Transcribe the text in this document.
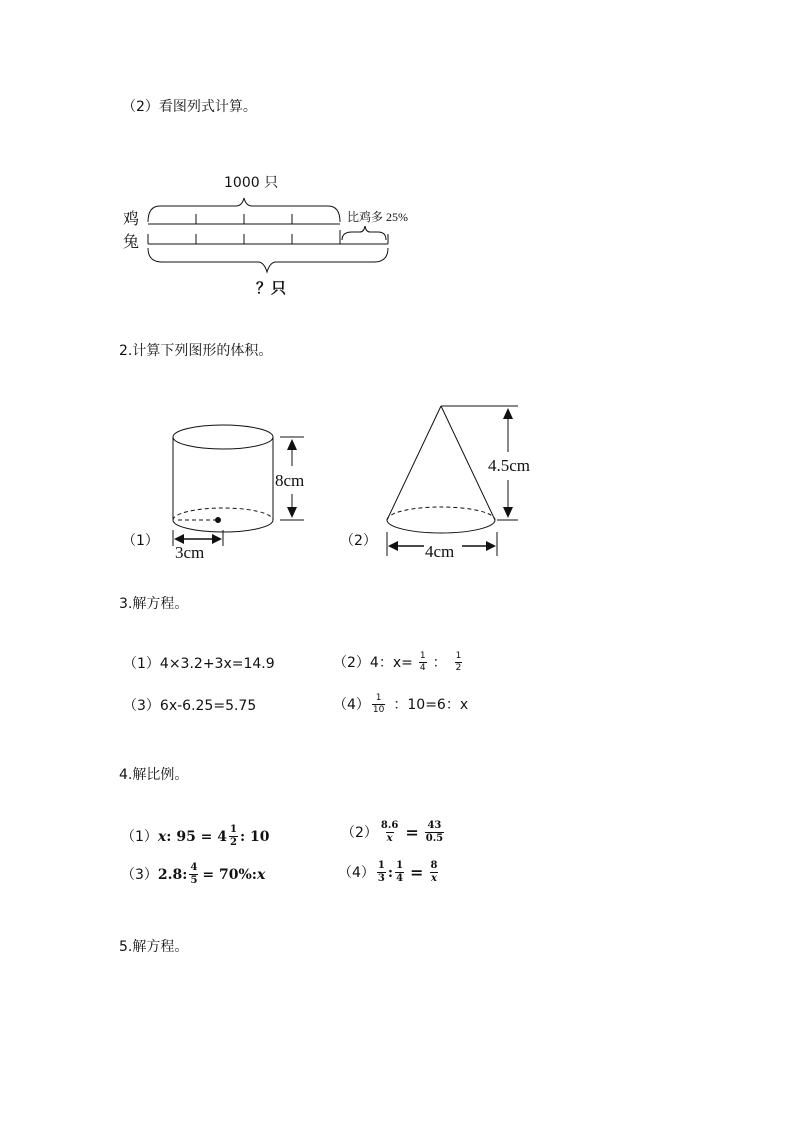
（2）看图列式计算。
1000 只
鸡
兔
比鸡多 25%
？只
2.计算下列图形的体积。
8cm
3cm
（1）
4.5cm
4cm
（2）
3.解方程。
（1）4×3.2+3x=14.9	（2） 4：$x= \frac{1}{4}$ ： $\frac{1}{2}$
（3）6x-6.25=5.75	$(4) \frac{1}{10}$ ：10=6：x
4.解比例。
（1） x : $95 = 4 \frac{1}{2}$ : 10	$(2) \frac{8.6}{x} = \frac{43}{0.5}$
（3） 2.8: $\frac{4}{5} = 70\%$: x	$(4) \frac{1}{3}$ : $\frac{1}{4} = \frac{8}{x}$
5.解方程。
